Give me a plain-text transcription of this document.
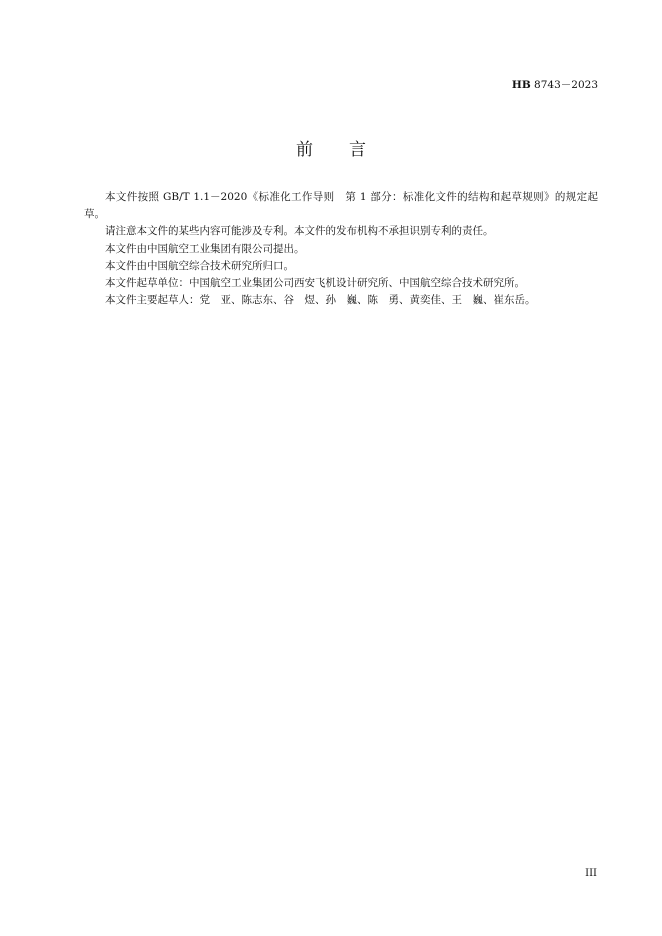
HB 8743－2023
前言

本文件按照 GB/T 1.1－2020《标准化工作导则　第 1 部分：标准化文件的结构和起草规则》的规定起草。

请注意本文件的某些内容可能涉及专利。本文件的发布机构不承担识别专利的责任。

本文件由中国航空工业集团有限公司提出。

本文件由中国航空综合技术研究所归口。

本文件起草单位：中国航空工业集团公司西安飞机设计研究所、中国航空综合技术研究所。

本文件主要起草人：党　亚、陈志东、谷　煜、孙　巍、陈　勇、黄奕佳、王　巍、崔东岳。

III
